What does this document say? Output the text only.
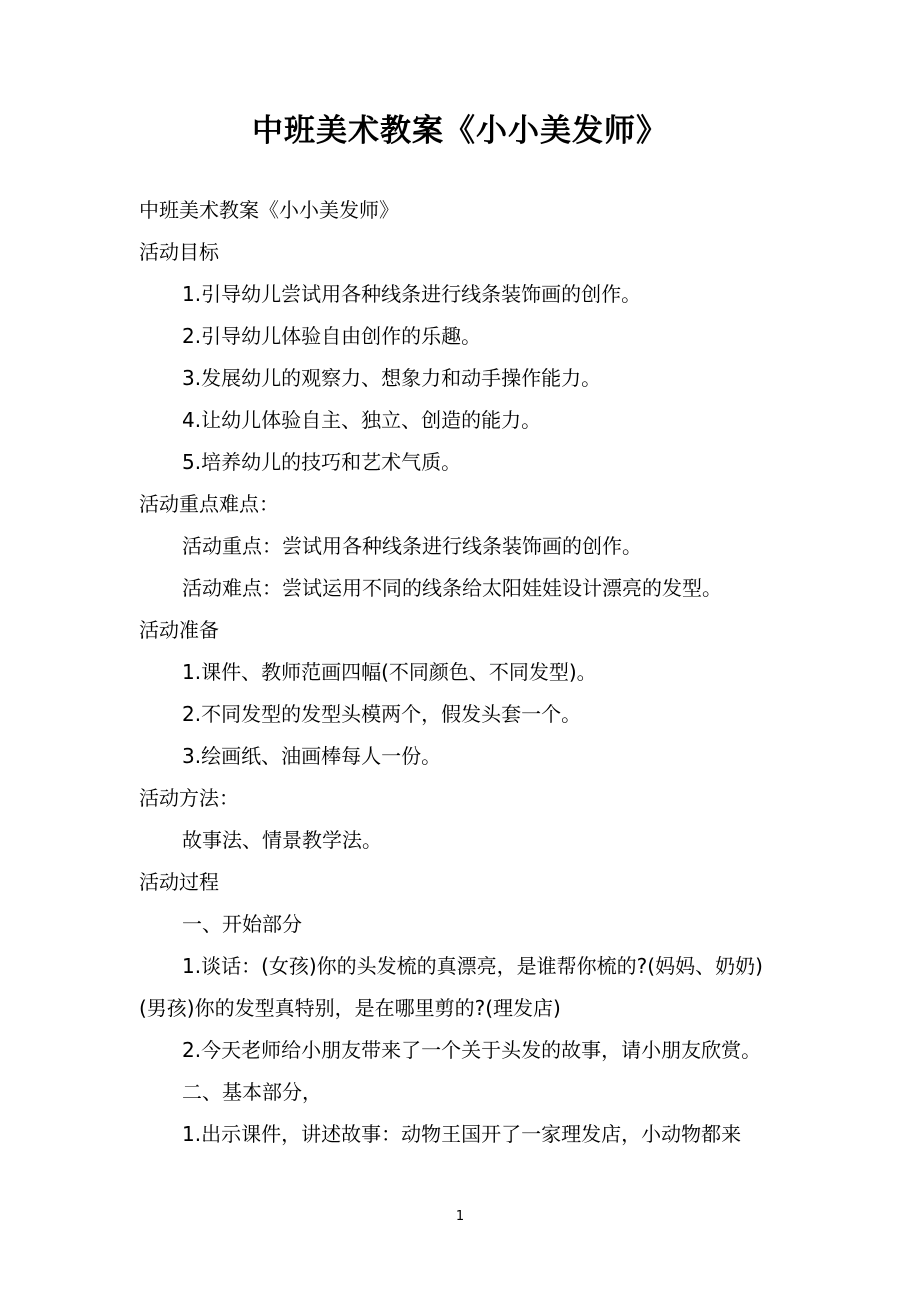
中班美术教案《小小美发师》
中班美术教案《小小美发师》
活动目标
1.引导幼儿尝试用各种线条进行线条装饰画的创作。
2.引导幼儿体验自由创作的乐趣。
3.发展幼儿的观察力、想象力和动手操作能力。
4.让幼儿体验自主、独立、创造的能力。
5.培养幼儿的技巧和艺术气质。
活动重点难点：
活动重点：尝试用各种线条进行线条装饰画的创作。
活动难点：尝试运用不同的线条给太阳娃娃设计漂亮的发型。
活动准备
1.课件、教师范画四幅(不同颜色、不同发型)。
2.不同发型的发型头模两个，假发头套一个。
3.绘画纸、油画棒每人一份。
活动方法：
故事法、情景教学法。
活动过程
一、开始部分
1.谈话：(女孩)你的头发梳的真漂亮，是谁帮你梳的?(妈妈、奶奶)(男孩)你的发型真特别，是在哪里剪的?(理发店)
2.今天老师给小朋友带来了一个关于头发的故事，请小朋友欣赏。
二、基本部分，
1.出示课件，讲述故事：动物王国开了一家理发店，小动物都来
1
